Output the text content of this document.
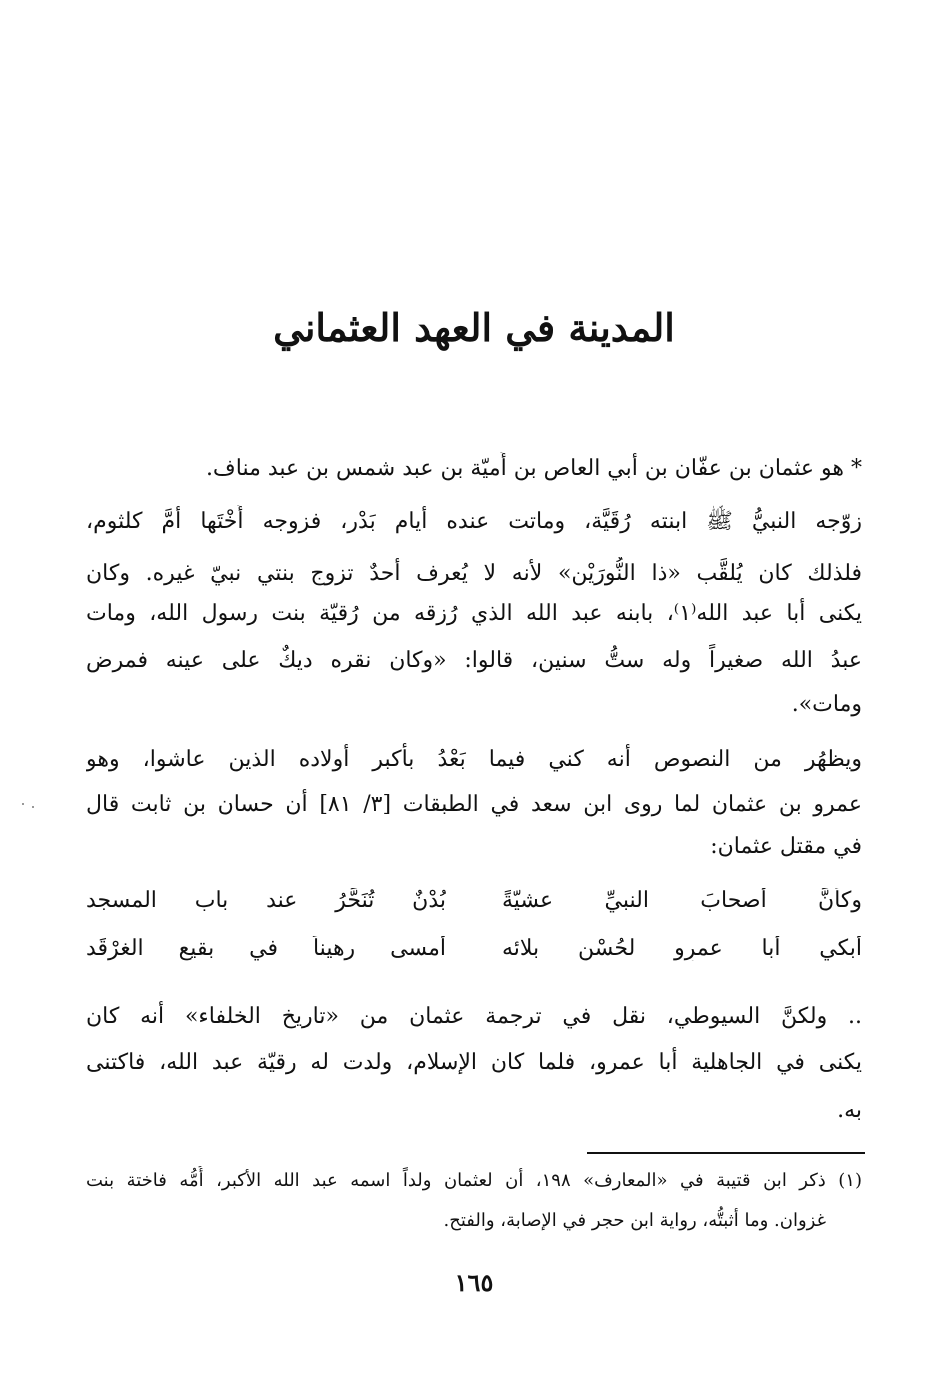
المدينة في العهد العثماني
* هو عثمان بن عفّان بن أبي العاص بن أُميّة بن عبد شمس بن عبد مناف.
زوّجه النبيُّ ﷺ ابنته رُقَيَّة، وماتت عنده أيام بَدْر، فزوجه أُخْتَها أمَّ كلثوم،
فلذلك كان يُلقَّب «ذا النُّورَيْن» لأنه لا يُعرف أحدٌ تزوج بنتي نبيّ غيره. وكان
يكنى أبا عبد الله⁽١⁾، بابنه عبد الله الذي رُزقه من رُقيّة بنت رسول الله، ومات
عبدُ الله صغيراً وله ستُّ سنين، قالوا: «وكان نقره ديكٌ على عينه فمرض
ومات».
ويظهُر من النصوص أنه كني فيما بَعْدُ بأكبر أولاده الذين عاشوا، وهو
عمرو بن عثمان لما روى ابن سعد في الطبقات [٣/ ٨١] أن حسان بن ثابت قال
في مقتل عثمان:
وكأنَّ أصحابَ النبيِّ عشيّةً
بُدْنٌ تُنَحَّرُ عند باب المسجد
أبكي أبا عمرٍو لحُسْنِ بلائه
أمسى رهيناً في بقيع الغرْقَد
.. ولكنَّ السيوطي، نقل في ترجمة عثمان من «تاريخ الخلفاء» أنه كان
يكنى في الجاهلية أبا عمرو، فلما كان الإسلام، ولدت له رقيّة عبد الله، فاكتنى
به.
(١) ذكر ابن قتيبة في «المعارف» ١٩٨، أن لعثمان ولداً اسمه عبد الله الأكبر، أُمُّه فاختة بنت
غزوان. وما أثبتُّه، رواية ابن حجر في الإصابة، والفتح.
١٦٥
